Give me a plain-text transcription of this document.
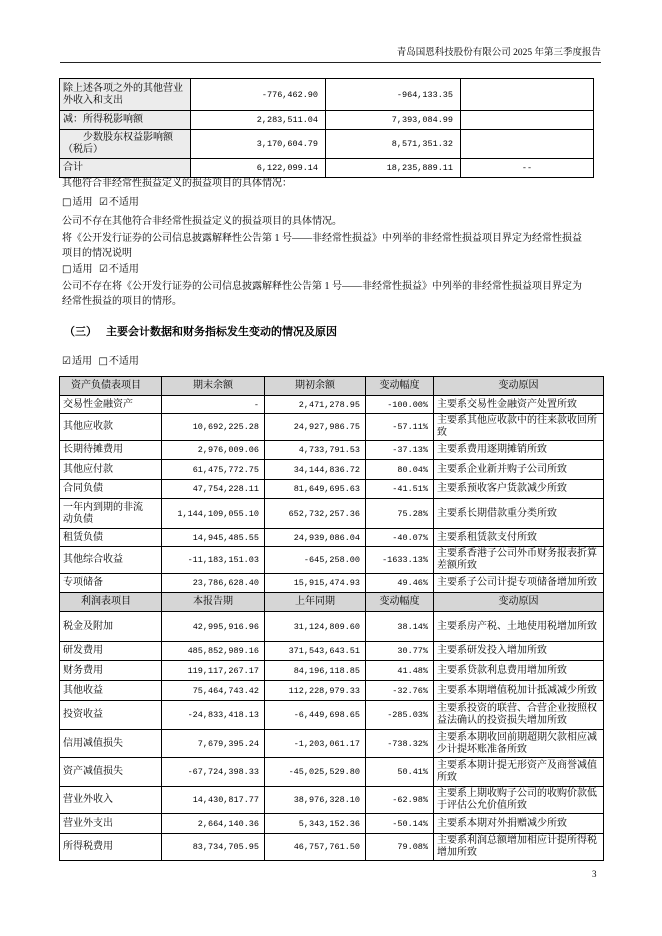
青岛国恩科技股份有限公司 2025 年第三季度报告
除上述各项之外的其他营业外收入和支出	-776,462.90	-964,133.35	
减：所得税影响额	2,283,511.04	7,393,084.99	
少数股东权益影响额（税后）	3,170,604.79	8,571,351.32	
合计	6,122,099.14	18,235,889.11	--
其他符合非经常性损益定义的损益项目的具体情况：
□适用 ☑不适用
公司不存在其他符合非经常性损益定义的损益项目的具体情况。
将《公开发行证券的公司信息披露解释性公告第 1 号——非经常性损益》中列举的非经常性损益项目界定为经常性损益项目的情况说明
□适用 ☑不适用
公司不存在将《公开发行证券的公司信息披露解释性公告第 1 号——非经常性损益》中列举的非经常性损益项目界定为经常性损益的项目的情形。
（三） 主要会计数据和财务指标发生变动的情况及原因
☑适用 □不适用
资产负债表项目	期末余额	期初余额	变动幅度	变动原因
交易性金融资产	-	2,471,278.95	-100.00%	主要系交易性金融资产处置所致
其他应收款	10,692,225.28	24,927,986.75	-57.11%	主要系其他应收款中的往来款收回所致
长期待摊费用	2,976,009.06	4,733,791.53	-37.13%	主要系费用逐期摊销所致
其他应付款	61,475,772.75	34,144,836.72	80.04%	主要系企业新并购子公司所致
合同负债	47,754,228.11	81,649,695.63	-41.51%	主要系预收客户货款减少所致
一年内到期的非流动负债	1,144,109,055.10	652,732,257.36	75.28%	主要系长期借款重分类所致
租赁负债	14,945,485.55	24,939,086.04	-40.07%	主要系租赁款支付所致
其他综合收益	-11,183,151.03	-645,258.00	-1633.13%	主要系香港子公司外币财务报表折算差额所致
专项储备	23,786,628.40	15,915,474.93	49.46%	主要系子公司计提专项储备增加所致
利润表项目	本报告期	上年同期	变动幅度	变动原因
税金及附加	42,995,916.96	31,124,809.60	38.14%	主要系房产税、土地使用税增加所致
研发费用	485,852,989.16	371,543,643.51	30.77%	主要系研发投入增加所致
财务费用	119,117,267.17	84,196,118.85	41.48%	主要系贷款利息费用增加所致
其他收益	75,464,743.42	112,228,979.33	-32.76%	主要系本期增值税加计抵减减少所致
投资收益	-24,833,418.13	-6,449,698.65	-285.03%	主要系投资的联营、合营企业按照权益法确认的投资损失增加所致
信用减值损失	7,679,395.24	-1,203,061.17	-738.32%	主要系本期收回前期超期欠款相应减少计提坏账准备所致
资产减值损失	-67,724,398.33	-45,025,529.80	50.41%	主要系本期计提无形资产及商誉减值所致
营业外收入	14,430,817.77	38,976,328.10	-62.98%	主要系上期收购子公司的收购价款低于评估公允价值所致
营业外支出	2,664,140.36	5,343,152.36	-50.14%	主要系本期对外捐赠减少所致
所得税费用	83,734,705.95	46,757,761.50	79.08%	主要系利润总额增加相应计提所得税增加所致
3
